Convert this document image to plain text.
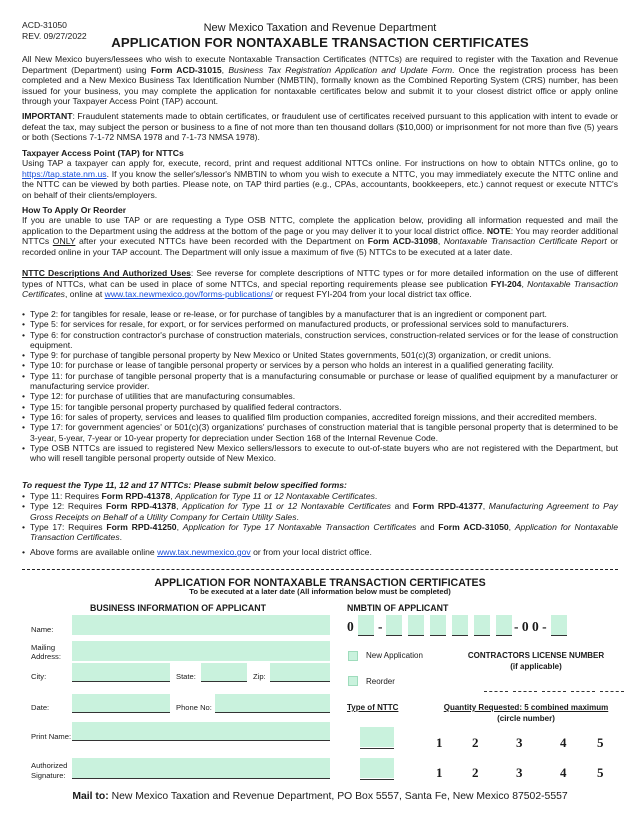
ACD-31050
REV. 09/27/2022
New Mexico Taxation and Revenue Department
APPLICATION FOR NONTAXABLE TRANSACTION CERTIFICATES
All New Mexico buyers/lessees who wish to execute Nontaxable Transaction Certificates (NTTCs) are required to register with the Taxation and Revenue Department (Department) using Form ACD-31015, Business Tax Registration Application and Update Form. Once the registration process has been completed and a New Mexico Business Tax Identification Number (NMBTIN), formally known as the Combined Reporting System (CRS) number, has been issued for your business, you may complete the application for nontaxable certificates below and submit it to your closest district office or apply online through your Taxpayer Access Point (TAP) account.
IMPORTANT: Fraudulent statements made to obtain certificates, or fraudulent use of certificates received pursuant to this application with intent to evade or defeat the tax, may subject the person or business to a fine of not more than ten thousand dollars ($10,000) or imprisonment for not more than five (5) years or both (Sections 7-1-72 NMSA 1978 and 7-1-73 NMSA 1978).
Taxpayer Access Point (TAP) for NTTCs
Using TAP a taxpayer can apply for, execute, record, print and request additional NTTCs online. For instructions on how to obtain NTTCs online, go to https://tap.state.nm.us. If you know the seller's/lessor's NMBTIN to whom you wish to execute a NTTC, you may immediately execute the NTTC online and the NTTC can be viewed by both parties. Please note, on TAP third parties (e.g., CPAs, accountants, bookkeepers, etc.) cannot request or execute NTTC's on behalf of their clients/employers.
How To Apply Or Reorder
If you are unable to use TAP or are requesting a Type OSB NTTC, complete the application below, providing all information requested and mail the application to the Department using the address at the bottom of the page or you may deliver it to your local district office. NOTE: You may reorder additional NTTCs ONLY after your executed NTTCs have been recorded with the Department on Form ACD-31098, Nontaxable Transaction Certificate Report or recorded online in your TAP account. The Department will only issue a maximum of five (5) NTTCs to be executed at a later date.
NTTC Descriptions And Authorized Uses: See reverse for complete descriptions of NTTC types or for more detailed information on the use of different types of NTTCs, what can be used in place of some NTTCs, and special reporting requirements please see publication FYI-204, Nontaxable Transaction Certificates, online at www.tax.newmexico.gov/forms-publications/ or request FYI-204 from your local district tax office.
• Type 2: for tangibles for resale, lease or re-lease, or for purchase of tangibles by a manufacturer that is an ingredient or component part.
• Type 5: for services for resale, for export, or for services performed on manufactured products, or professional services sold to manufacturers.
• Type 6: for construction contractor's purchase of construction materials, construction services, construction-related services or for the lease of construction equipment.
• Type 9: for purchase of tangible personal property by New Mexico or United States governments, 501(c)(3) organization, or credit unions.
• Type 10: for purchase or lease of tangible personal property or services by a person who holds an interest in a qualified generating facility.
• Type 11: for purchase of tangible personal property that is a manufacturing consumable or purchase or lease of qualified equipment by a manufacturer or manufacturing service provider.
• Type 12: for purchase of utilities that are manufacturing consumables.
• Type 15: for tangible personal property purchased by qualified federal contractors.
• Type 16: for sales of property, services and leases to qualified film production companies, accredited foreign missions, and their accredited members.
• Type 17: for government agencies' or 501(c)(3) organizations' purchases of construction material that is tangible personal property that is determined to be 3-year, 5-year, 7-year or 10-year property for depreciation under Section 168 of the Internal Revenue Code.
• Type OSB NTTCs are issued to registered New Mexico sellers/lessors to execute to out-of-state buyers who are not registered with the Department, but who will resell tangible personal property outside of New Mexico.
To request the Type 11, 12 and 17 NTTCs: Please submit below specified forms:
• Type 11: Requires Form RPD-41378, Application for Type 11 or 12 Nontaxable Certificates.
• Type 12: Requires Form RPD-41378, Application for Type 11 or 12 Nontaxable Certificates and Form RPD-41377, Manufacturing Agreement to Pay Gross Receipts on Behalf of a Utility Company for Certain Utility Sales.
• Type 17: Requires Form RPD-41250, Application for Type 17 Nontaxable Transaction Certificates and Form ACD-31050, Application for Nontaxable Transaction Certificates.
• Above forms are available online www.tax.newmexico.gov or from your local district office.
APPLICATION FOR NONTAXABLE TRANSACTION CERTIFICATES
To be executed at a later date (All information below must be completed)
BUSINESS INFORMATION OF APPLICANT
Name:
Mailing
Address:
City:	State:	Zip:
Date:	Phone No:
Print Name:
Authorized
Signature:
NMBTIN OF APPLICANT
0 -	- 0 0 -
New Application
Reorder
CONTRACTORS LICENSE NUMBER
(if applicable)
Type of NTTC	Quantity Requested: 5 combined maximum
(circle number)
1 2	3	4 5
1 2	3	4 5
Mail to: New Mexico Taxation and Revenue Department, PO Box 5557, Santa Fe, New Mexico 87502-5557
